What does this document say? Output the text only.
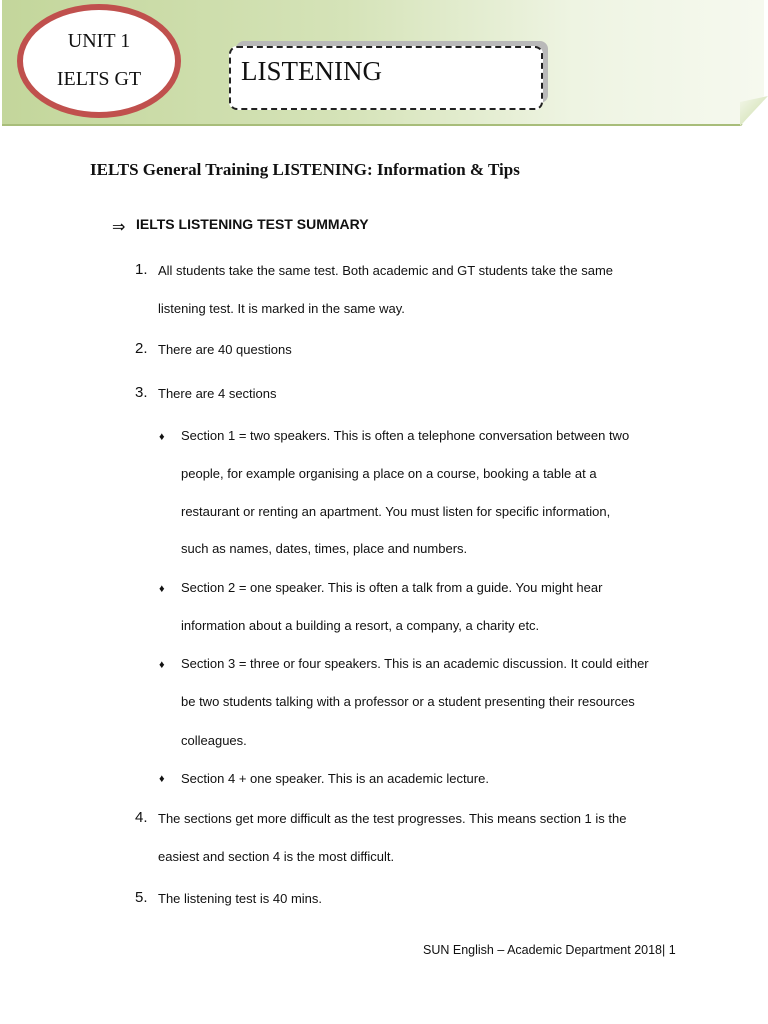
UNIT 1
IELTS GT	LISTENING
IELTS General Training LISTENING: Information & Tips
⇒ IELTS LISTENING TEST SUMMARY
1. All students take the same test. Both academic and GT students take the same
listening test. It is marked in the same way.
2. There are 40 questions
3. There are 4 sections
♦ Section 1 = two speakers. This is often a telephone conversation between two
people, for example organising a place on a course, booking a table at a
restaurant or renting an apartment. You must listen for specific information,
such as names, dates, times, place and numbers.
♦ Section 2 = one speaker. This is often a talk from a guide. You might hear
information about a building a resort, a company, a charity etc.
♦ Section 3 = three or four speakers. This is an academic discussion. It could either
be two students talking with a professor or a student presenting their resources
colleagues.
♦ Section 4 + one speaker. This is an academic lecture.
4. The sections get more difficult as the test progresses. This means section 1 is the
easiest and section 4 is the most difficult.
5. The listening test is 40 mins.
SUN English – Academic Department 2018| 1
